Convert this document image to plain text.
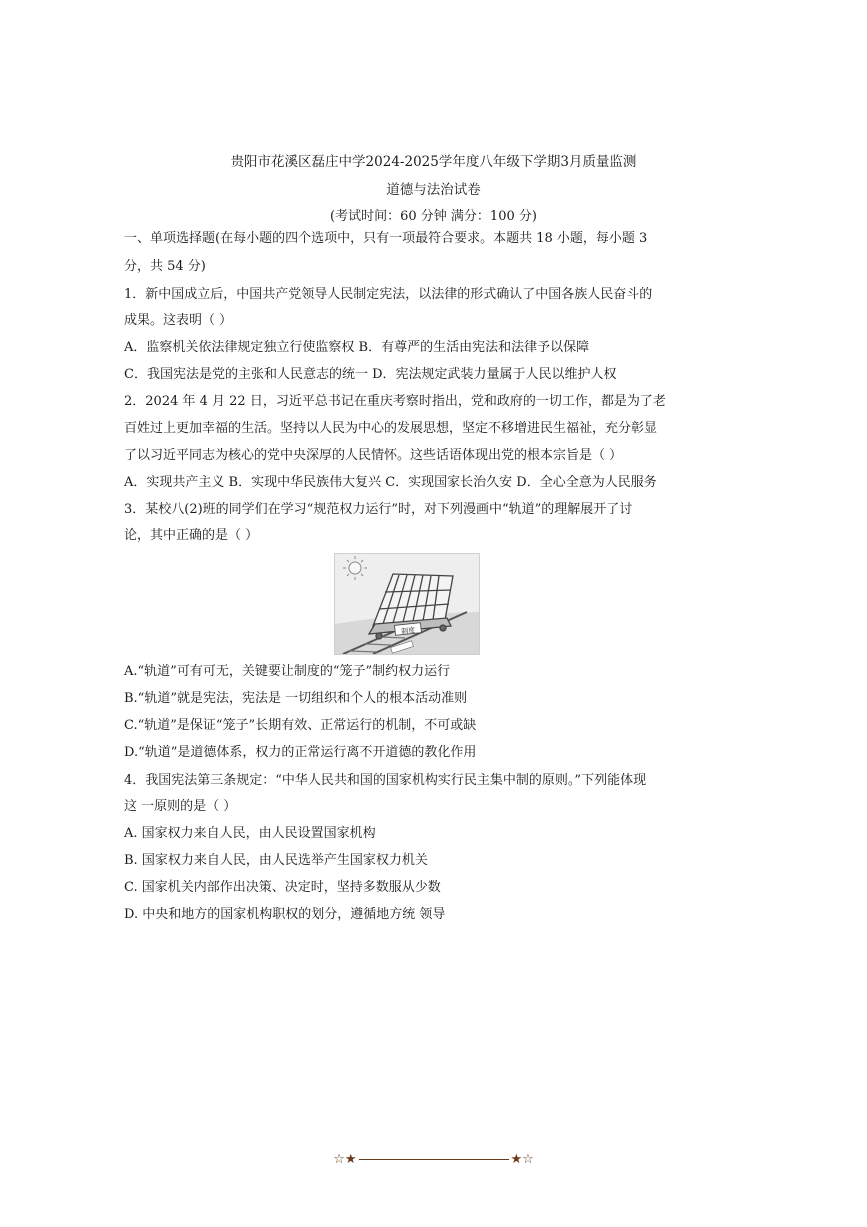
贵阳市花溪区磊庄中学2024-2025学年度八年级下学期3月质量监测
道德与法治试卷
(考试时间：60 分钟 满分：100 分)
一、单项选择题(在每小题的四个选项中，只有一项最符合要求。本题共 18 小题，每小题 3
分，共 54 分)
1．新中国成立后，中国共产党领导人民制定宪法，以法律的形式确认了中国各族人民奋斗的
成果。这表明（ ）
A．监察机关依法律规定独立行使监察权 B．有尊严的生活由宪法和法律予以保障
C．我国宪法是党的主张和人民意志的统一 D．宪法规定武装力量属于人民以维护人权
2．2024 年 4 月 22 日，习近平总书记在重庆考察时指出，党和政府的一切工作，都是为了老
百姓过上更加幸福的生活。坚持以人民为中心的发展思想，坚定不移增进民生福祉，充分彰显
了以习近平同志为核心的党中央深厚的人民情怀。这些话语体现出党的根本宗旨是（ ）
A．实现共产主义 B．实现中华民族伟大复兴 C．实现国家长治久安 D．全心全意为人民服务
3．某校八(2)班的同学们在学习“规范权力运行”时，对下列漫画中“轨道”的理解展开了讨
论，其中正确的是（ ）
制度
A.“轨道”可有可无，关键要让制度的“笼子”制约权力运行
B.“轨道”就是宪法，宪法是 一切组织和个人的根本活动准则
C.“轨道”是保证“笼子”长期有效、正常运行的机制，不可或缺
D.“轨道”是道德体系，权力的正常运行离不开道德的教化作用
4．我国宪法第三条规定：“中华人民共和国的国家机构实行民主集中制的原则。”下列能体现
这 一原则的是（ ）
A. 国家权力来自人民，由人民设置国家机构
B. 国家权力来自人民，由人民选举产生国家权力机关
C. 国家机关内部作出决策、决定时，坚持多数服从少数
D. 中央和地方的国家机构职权的划分，遵循地方统 领导
☆★	★☆
